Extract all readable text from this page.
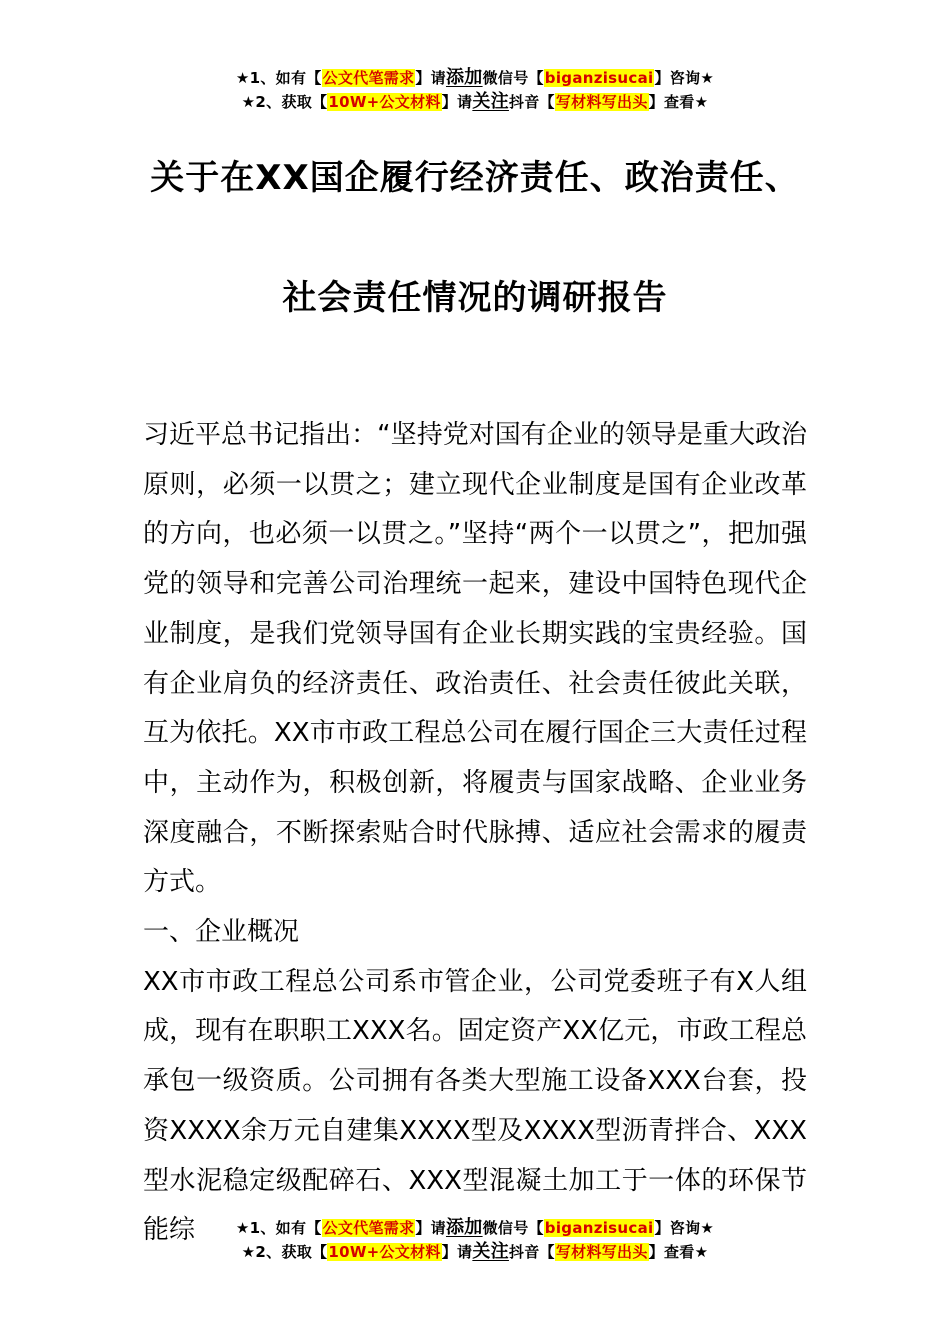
★1、如有【公文代笔需求】请添加微信号【biganzisucai】咨询★
★2、获取【10W+公文材料】请关注抖音【写材料写出头】查看★
关于在XX国企履行经济责任、政治责任、
社会责任情况的调研报告

习近平总书记指出：“坚持党对国有企业的领导是重大政治原则，必须一以贯之；建立现代企业制度是国有企业改革的方向，也必须一以贯之。”坚持“两个一以贯之”，把加强党的领导和完善公司治理统一起来，建设中国特色现代企业制度，是我们党领导国有企业长期实践的宝贵经验。国有企业肩负的经济责任、政治责任、社会责任彼此关联，互为依托。XX市市政工程总公司在履行国企三大责任过程中，主动作为，积极创新，将履责与国家战略、企业业务深度融合，不断探索贴合时代脉搏、适应社会需求的履责方式。

一、企业概况

XX市市政工程总公司系市管企业，公司党委班子有X人组成，现有在职职工XXX名。固定资产XX亿元，市政工程总承包一级资质。公司拥有各类大型施工设备XXX台套，投资XXXX余万元自建集XXXX型及XXXX型沥青拌合、XXX型水泥稳定级配碎石、XXX型混凝土加工于一体的环保节能综	★1、如有【公文代笔需求】请添加微信号【biganzisucai】咨询★
★2、获取【10W+公文材料】请关注抖音【写材料写出头】查看★
